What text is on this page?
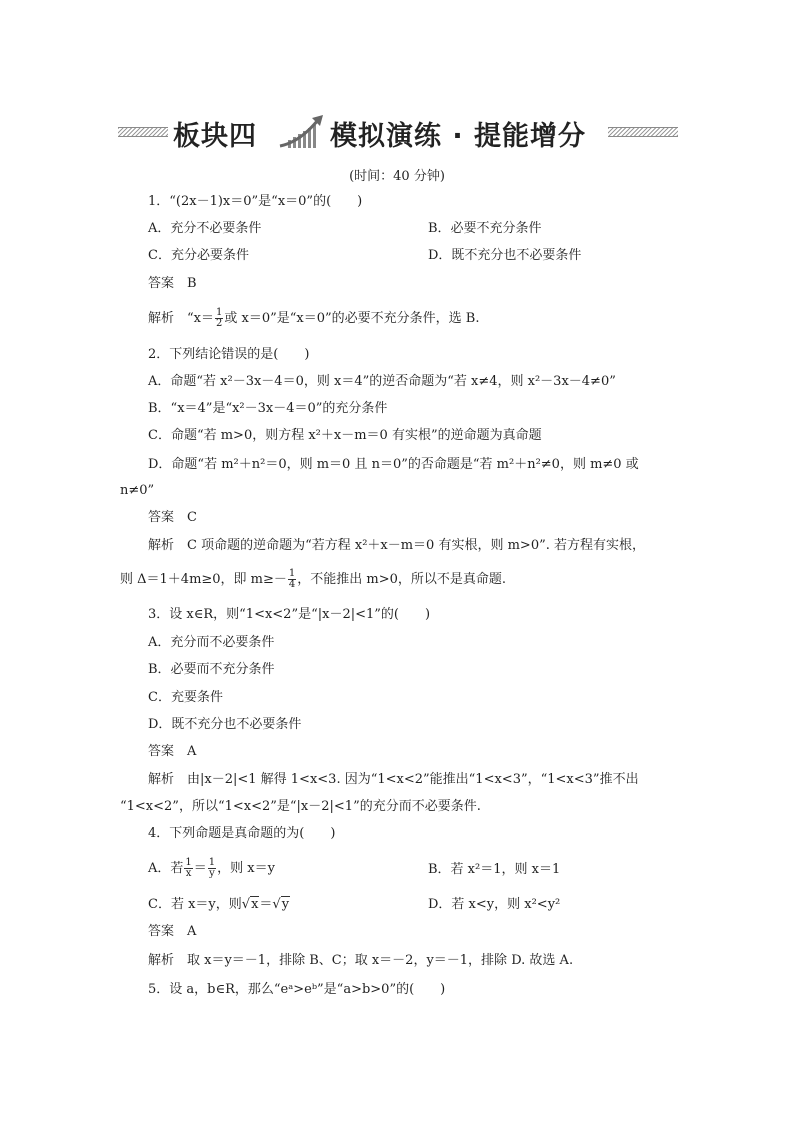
板块四	模拟演练 · 提能增分
(时间：40 分钟)
1．“(2x－1)x＝0”是“x＝0”的(　　)
A．充分不必要条件	B．必要不充分条件
C．充分必要条件	D．既不充分也不必要条件
答案　B
解析　“$x= \frac{1}{2}$ 或 x＝0”是“x＝0”的必要不充分条件，选 B.
2．下列结论错误的是(　　)
A．命题“若 x²－3x－4＝0，则 x＝4”的逆否命题为“若 x≠4，则 x²－3x－4≠0”
B．“x＝4”是“x²－3x－4＝0”的充分条件
C．命题“若 m>0，则方程 x²＋x－m＝0 有实根”的逆命题为真命题
D．命题“若 m²＋n²＝0，则 m＝0 且 n＝0”的否命题是“若 m²＋n²≠0，则 m≠0 或
n≠0”
答案　C
解析　C 项命题的逆命题为“若方程 x²＋x－m＝0 有实根，则 m>0”. 若方程有实根，
则 Δ＝1＋4m≥0，即 $m\ge- \frac{1}{4}$ ，不能推出 m>0，所以不是真命题.
3．设 x∈R，则“1<x<2”是“|x－2|<1”的(　　)
A．充分而不必要条件
B．必要而不充分条件
C．充要条件
D．既不充分也不必要条件
答案　A
解析　由|x－2|<1 解得 1<x<3. 因为“1<x<2”能推出“1<x<3”，“1<x<3”推不出
“1<x<2”，所以“1<x<2”是“|x－2|<1”的充分而不必要条件.
4．下列命题是真命题的为(　　)
A．若 $\frac{1}{x} = \frac{1}{y}$ ，则 x＝y	B．若 x²＝1，则 x＝1
C．若 x＝y，则√x＝√y	D．若 x<y，则 x²<y²
答案　A
解析　取 x＝y＝－1，排除 B、C；取 x＝－2，y＝－1，排除 D. 故选 A.
5．设 a，b∈R，那么“eᵃ>eᵇ”是“a>b>0”的(　　)
